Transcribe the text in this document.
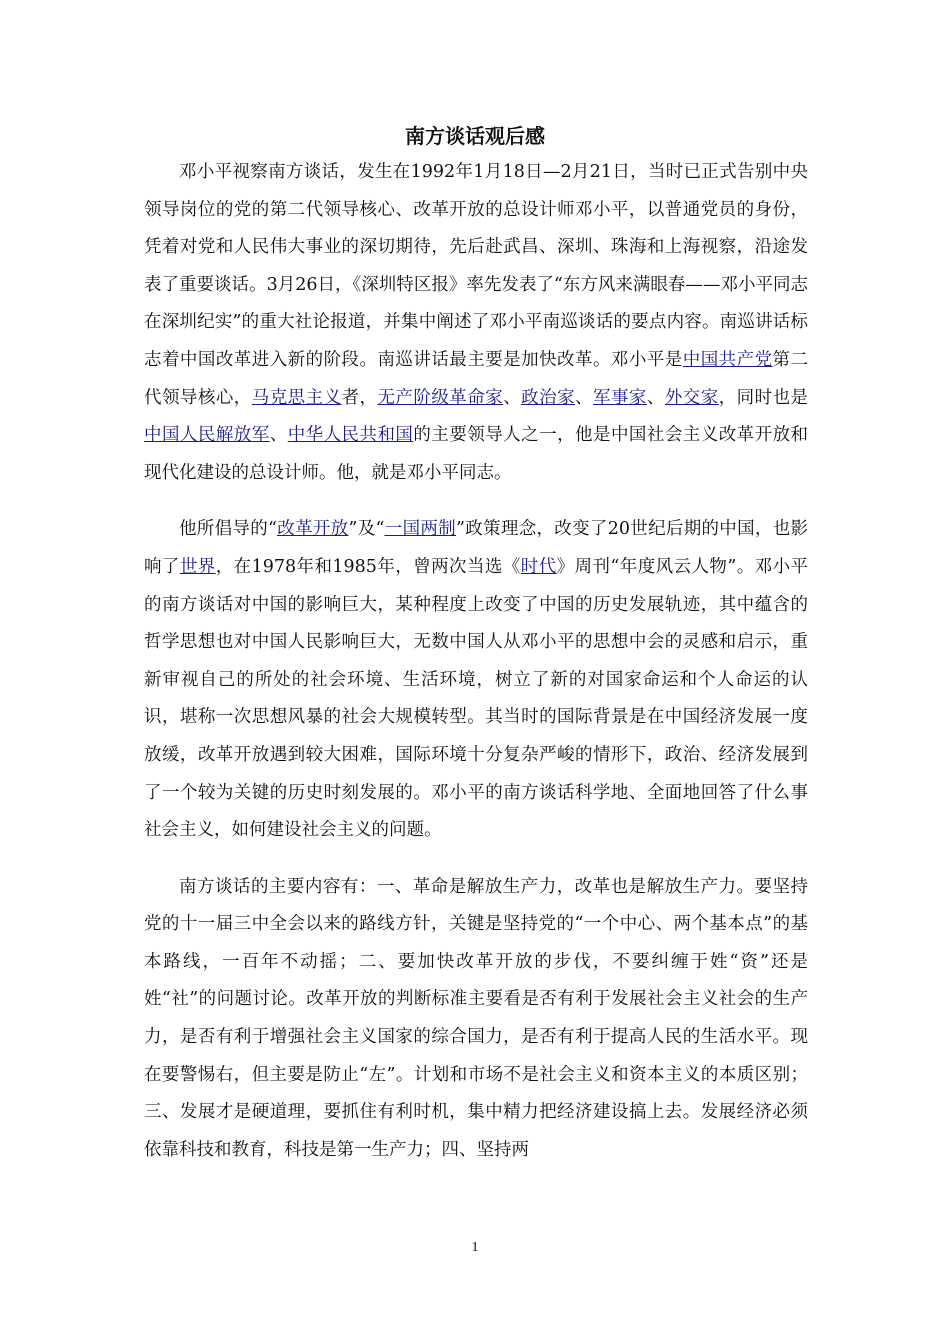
南方谈话观后感

邓小平视察南方谈话，发生在1992年1月18日—2月21日，当时已正式告别中央领导岗位的党的第二代领导核心、改革开放的总设计师邓小平，以普通党员的身份，凭着对党和人民伟大事业的深切期待，先后赴武昌、深圳、珠海和上海视察，沿途发表了重要谈话。3月26日，《深圳特区报》率先发表了“东方风来满眼春——邓小平同志在深圳纪实”的重大社论报道，并集中阐述了邓小平南巡谈话的要点内容。南巡讲话标志着中国改革进入新的阶段。南巡讲话最主要是加快改革。邓小平是中国共产党第二代领导核心，马克思主义者，无产阶级革命家、政治家、军事家、外交家，同时也是中国人民解放军、中华人民共和国的主要领导人之一，他是中国社会主义改革开放和现代化建设的总设计师。他，就是邓小平同志。

他所倡导的“改革开放”及“一国两制”政策理念，改变了20世纪后期的中国，也影响了世界，在1978年和1985年，曾两次当选《时代》周刊“年度风云人物”。邓小平的南方谈话对中国的影响巨大，某种程度上改变了中国的历史发展轨迹，其中蕴含的哲学思想也对中国人民影响巨大，无数中国人从邓小平的思想中会的灵感和启示，重新审视自己的所处的社会环境、生活环境，树立了新的对国家命运和个人命运的认识，堪称一次思想风暴的社会大规模转型。其当时的国际背景是在中国经济发展一度放缓，改革开放遇到较大困难，国际环境十分复杂严峻的情形下，政治、经济发展到了一个较为关键的历史时刻发展的。邓小平的南方谈话科学地、全面地回答了什么事社会主义，如何建设社会主义的问题。

南方谈话的主要内容有：一、革命是解放生产力，改革也是解放生产力。要坚持党的十一届三中全会以来的路线方针，关键是坚持党的“一个中心、两个基本点”的基本路线，一百年不动摇；二、要加快改革开放的步伐，不要纠缠于姓“资”还是姓“社”的问题讨论。改革开放的判断标准主要看是否有利于发展社会主义社会的生产力，是否有利于增强社会主义国家的综合国力，是否有利于提高人民的生活水平。现在要警惕右，但主要是防止“左”。计划和市场不是社会主义和资本主义的本质区别；三、发展才是硬道理，要抓住有利时机，集中精力把经济建设搞上去。发展经济必须依靠科技和教育，科技是第一生产力；四、坚持两

1
